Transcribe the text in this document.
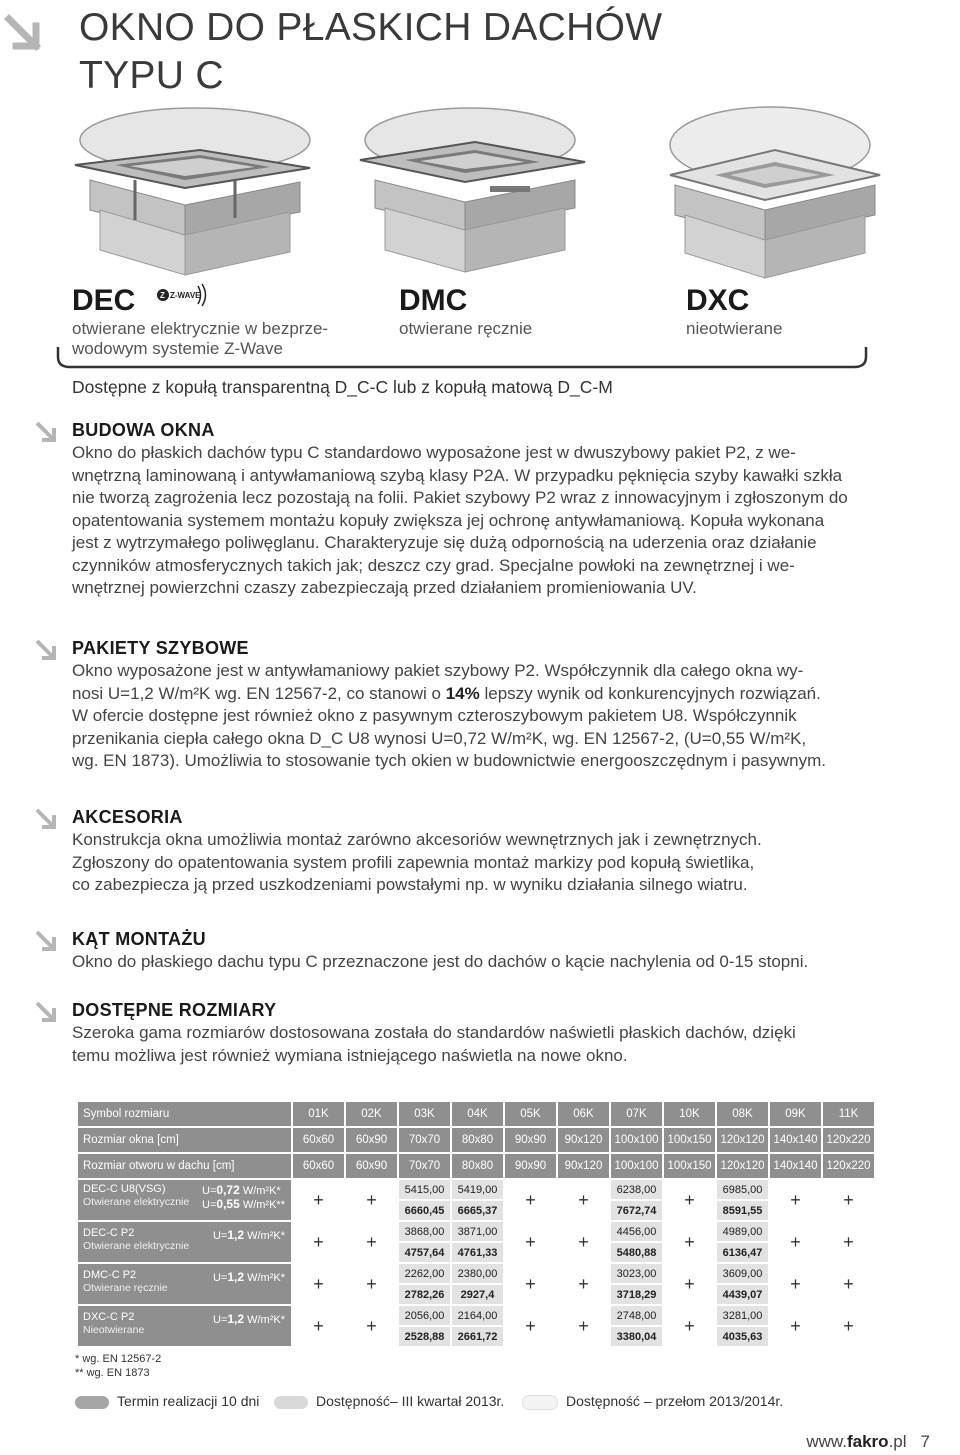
OKNO DO PŁASKICH DACHÓW
TYPU C
DEC
otwierane elektrycznie w bezprze-
wodowym systemie Z-Wave
Z Z-WAVE	DMC
otwierane ręcznie
DXC
nieotwierane
Dostępne z kopułą transparentną D_C-C lub z kopułą matową D_C-M
BUDOWA OKNA

Okno do płaskich dachów typu C standardowo wyposażone jest w dwuszybowy pakiet P2, z we-
wnętrzną laminowaną i antywłamaniową szybą klasy P2A. W przypadku pęknięcia szyby kawałki szkła
nie tworzą zagrożenia lecz pozostają na folii. Pakiet szybowy P2 wraz z innowacyjnym i zgłoszonym do
opatentowania systemem montażu kopuły zwiększa jej ochronę antywłamaniową. Kopuła wykonana
jest z wytrzymałego poliwęglanu. Charakteryzuje się dużą odpornością na uderzenia oraz działanie
czynników atmosferycznych takich jak; deszcz czy grad. Specjalne powłoki na zewnętrznej i we-
wnętrznej powierzchni czaszy zabezpieczają przed działaniem promieniowania UV.

PAKIETY SZYBOWE

Okno wyposażone jest w antywłamaniowy pakiet szybowy P2. Współczynnik dla całego okna wy-
nosi U=1,2 W/m²K wg. EN 12567-2, co stanowi o 14% lepszy wynik od konkurencyjnych rozwiązań.
W ofercie dostępne jest również okno z pasywnym czteroszybowym pakietem U8. Współczynnik
przenikania ciepła całego okna D_C U8 wynosi U=0,72 W/m²K, wg. EN 12567-2, (U=0,55 W/m²K,
wg. EN 1873). Umożliwia to stosowanie tych okien w budownictwie energooszczędnym i pasywnym.

AKCESORIA

Konstrukcja okna umożliwia montaż zarówno akcesoriów wewnętrznych jak i zewnętrznych.
Zgłoszony do opatentowania system profili zapewnia montaż markizy pod kopułą świetlika,
co zabezpiecza ją przed uszkodzeniami powstałymi np. w wyniku działania silnego wiatru.

KĄT MONTAŻU

Okno do płaskiego dachu typu C przeznaczone jest do dachów o kącie nachylenia od 0-15 stopni.

DOSTĘPNE ROZMIARY

Szeroka gama rozmiarów dostosowana została do standardów naświetli płaskich dachów, dzięki
temu możliwa jest również wymiana istniejącego naświetla na nowe okno.

Symbol rozmiaru	01K	02K	03K	04K	05K	06K	07K	10K	08K	09K	11K
Rozmiar okna [cm]	60x60	60x90	70x70	80x80	90x90	90x120	100x100	100x150	120x120	140x140	120x220
Rozmiar otworu w dachu [cm]	60x60	60x90	70x70	80x80	90x90	90x120	100x100	100x150	120x120	140x140	120x220

DEC-C U8(VSG)
Otwierane elektrycznie
U=0,72 W/m²K*
U=0,55 W/m²K**	+	+	5415,00	5419,00	+	+	6238,00	+	6985,00	+	+
			6660,45	6665,37			7672,74		8591,55		

DEC-C P2
Otwierane elektrycznie
U=1,2 W/m²K*	+	+	3868,00	3871,00	+	+	4456,00	+	4989,00	+	+
			4757,64	4761,33			5480,88		6136,47		

DMC-C P2
Otwierane ręcznie
U=1,2 W/m²K*	+	+	2262,00	2380,00	+	+	3023,00	+	3609,00	+	+
			2782,26	2927,4			3718,29		4439,07		

DXC-C P2
Nieotwierane
U=1,2 W/m²K*	+	+	2056,00	2164,00	+	+	2748,00	+	3281,00	+	+
			2528,88	2661,72			3380,04		4035,63		
* wg. EN 12567-2
** wg. EN 1873
Termin realizacji 10 dni	Dostępność– III kwartał 2013r.	Dostępność – przełom 2013/2014r.
www.fakro.pl 7
